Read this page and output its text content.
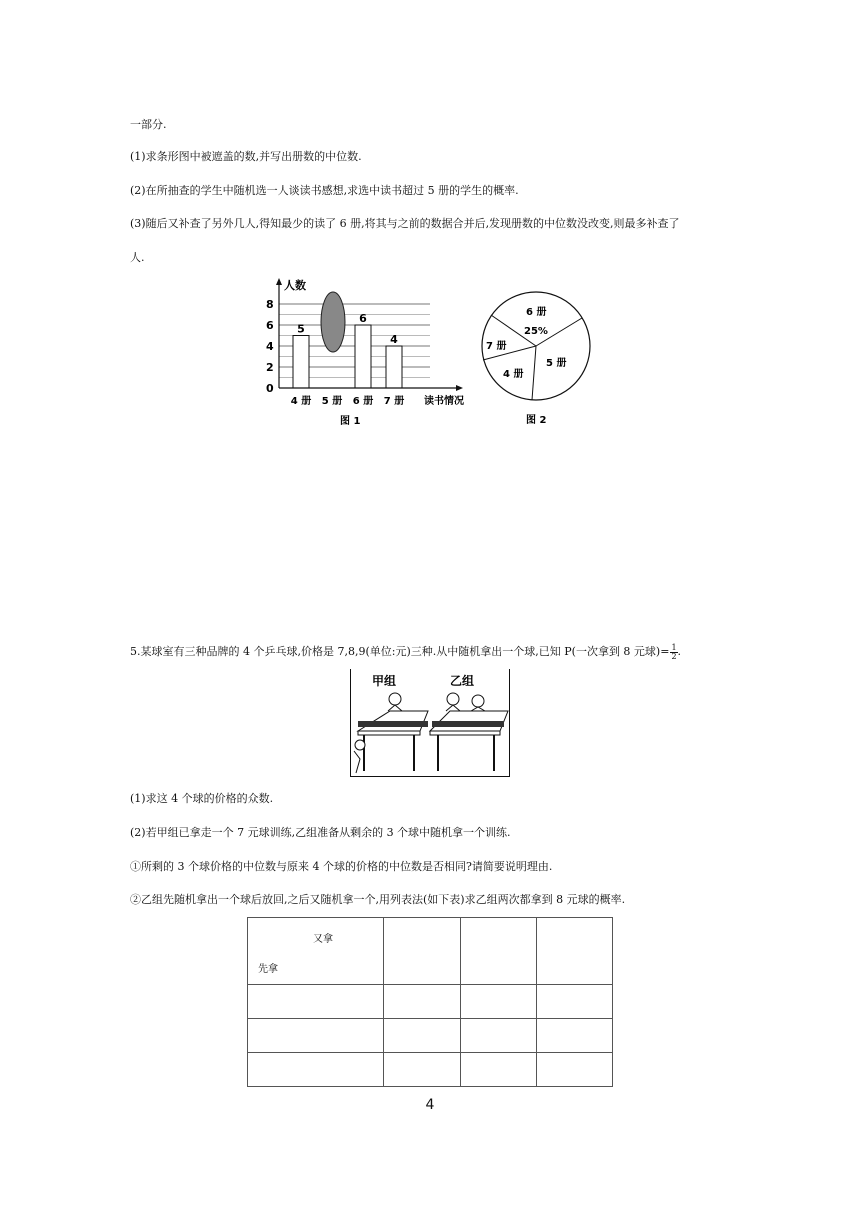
一部分.

(1)求条形图中被遮盖的数,并写出册数的中位数.

(2)在所抽查的学生中随机选一人谈读书感想,求选中读书超过 5 册的学生的概率.

(3)随后又补查了另外几人,得知最少的读了 6 册,将其与之前的数据合并后,发现册数的中位数没改变,则最多补查了

人.

人数
读书情况
0
2
4
6
8
4 册 5 册 6 册 7 册
5
6
4
图 1
6 册
25%
5 册
4 册
7 册
图 2

5.某球室有三种品牌的 4 个乒乓球,价格是 7,8,9(单位:元)三种.从中随机拿出一个球,已知 P(一次拿到 8 元球)= $\frac{1}{2}$ .

甲组	乙组

(1)求这 4 个球的价格的众数.

(2)若甲组已拿走一个 7 元球训练,乙组准备从剩余的 3 个球中随机拿一个训练.

①所剩的 3 个球价格的中位数与原来 4 个球的价格的中位数是否相同?请简要说明理由.

②乙组先随机拿出一个球后放回,之后又随机拿一个,用列表法(如下表)求乙组两次都拿到 8 元球的概率.

又拿
先拿			

4
